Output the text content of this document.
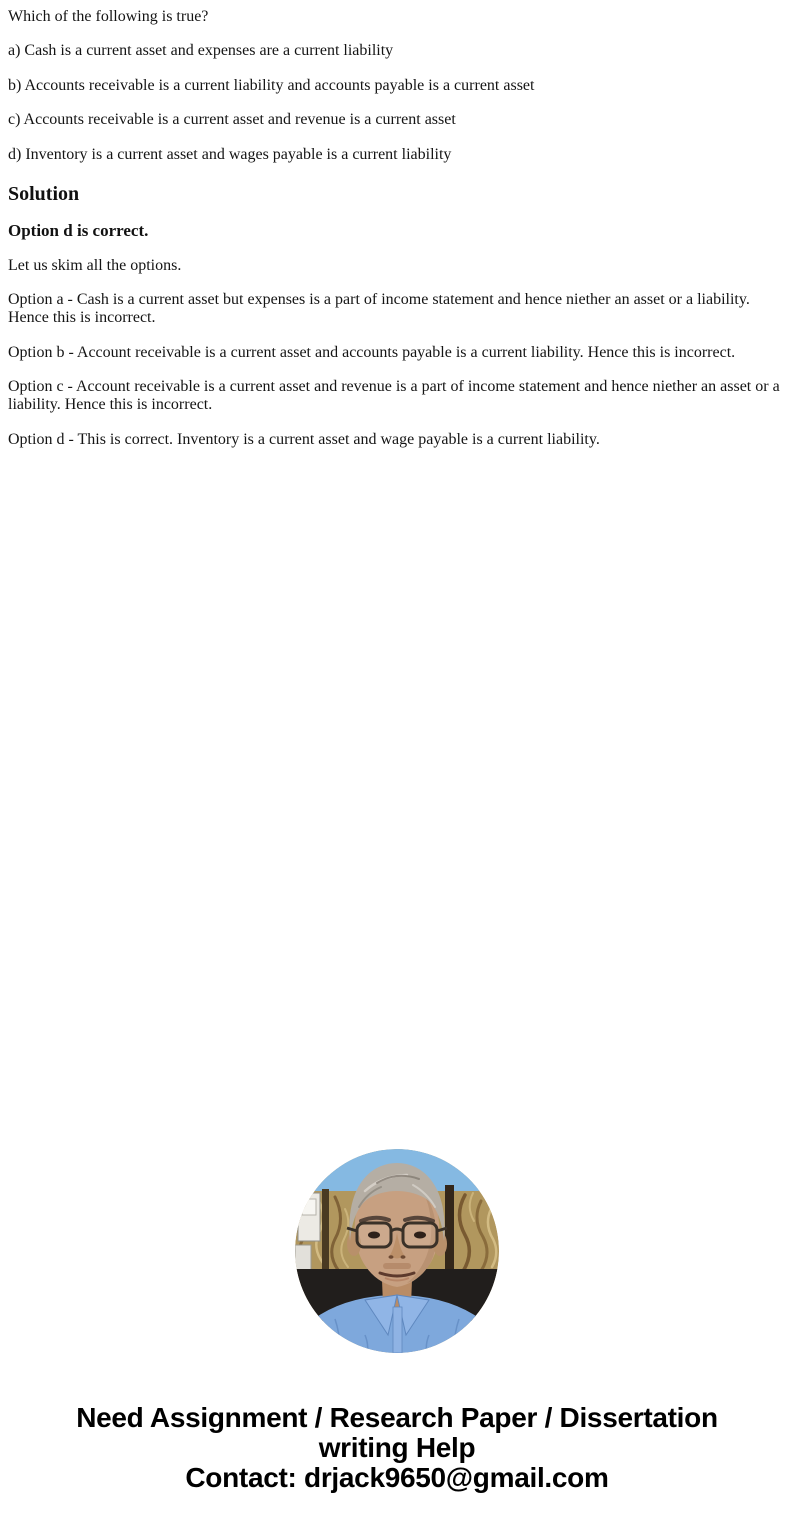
Which of the following is true?

a) Cash is a current asset and expenses are a current liability

b) Accounts receivable is a current liability and accounts payable is a current asset

c) Accounts receivable is a current asset and revenue is a current asset

d) Inventory is a current asset and wages payable is a current liability

Solution
Option d is correct.

Let us skim all the options.

Option a - Cash is a current asset but expenses is a part of income statement and hence niether an asset or a liability. Hence this is incorrect.

Option b - Account receivable is a current asset and accounts payable is a current liability. Hence this is incorrect.

Option c - Account receivable is a current asset and revenue is a part of income statement and hence niether an asset or a liability. Hence this is incorrect.

Option d - This is correct. Inventory is a current asset and wage payable is a current liability.

Need Assignment / Research Paper / Dissertation
writing Help
Contact: drjack9650@gmail.com
